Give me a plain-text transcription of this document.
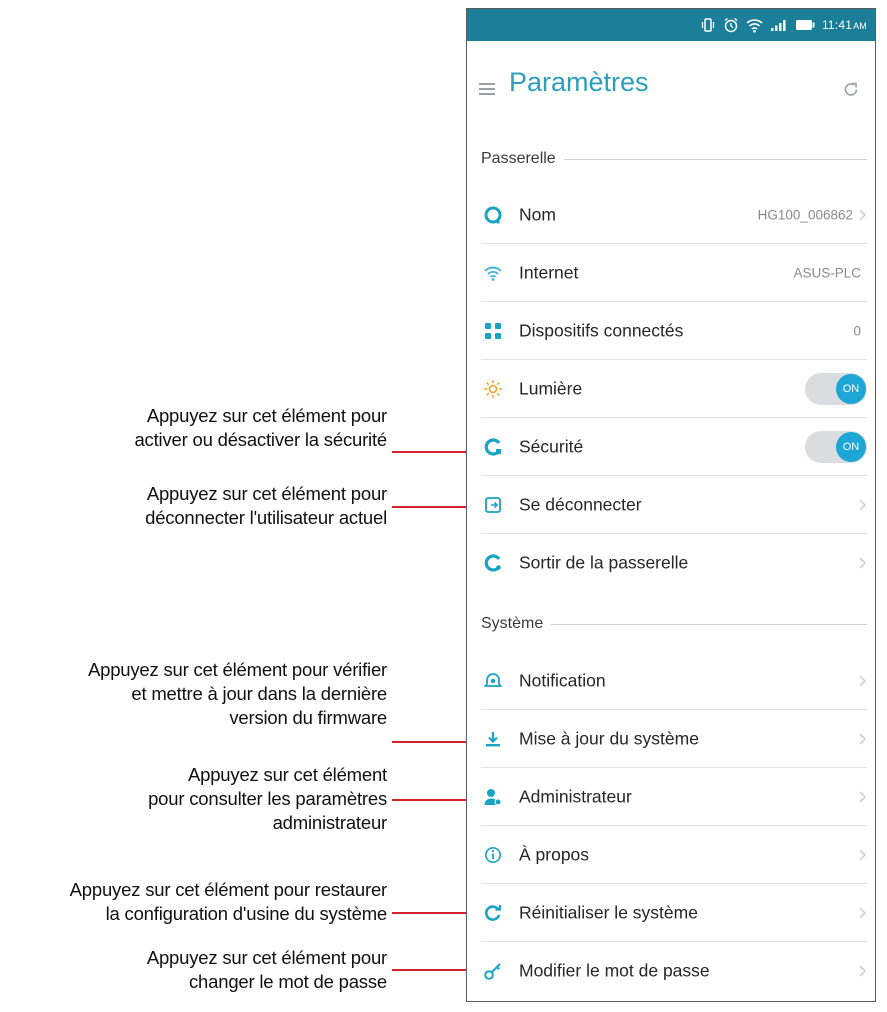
Appuyez sur cet élément pour
activer ou désactiver la sécurité
Appuyez sur cet élément pour
déconnecter l'utilisateur actuel
Appuyez sur cet élément pour vérifier
et mettre à jour dans la dernière
version du firmware
Appuyez sur cet élément
pour consulter les paramètres
administrateur
Appuyez sur cet élément pour restaurer
la configuration d'usine du système
Appuyez sur cet élément pour
changer le mot de passe
11:41AM
Paramètres
Passerelle
Nom	HG100_006862
Internet	ASUS-PLC
Dispositifs connectés	0
Lumière	ON
Sécurité	ON
Se déconnecter
Sortir de la passerelle
Système
Notification
Mise à jour du système
Administrateur
À propos
Réinitialiser le système
Modifier le mot de passe
